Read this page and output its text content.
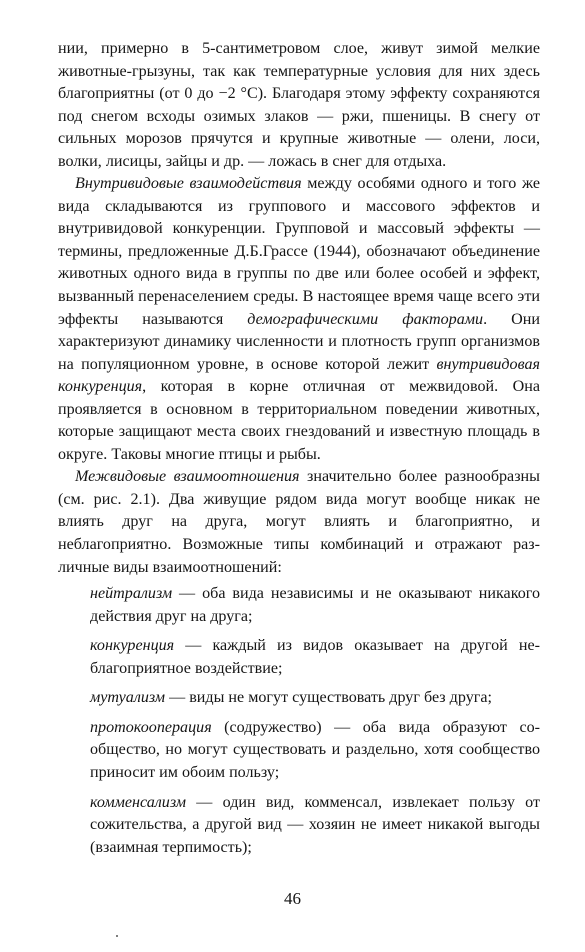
нии, примерно в 5-сантиметровом слое, живут зимой мелкие животные-грызуны, так как температурные условия для них здесь благоприятны (от 0 до −2 °С). Благодаря этому эффекту сохраняются под снегом всходы озимых злаков — ржи, пшеницы. В снегу от сильных морозов прячутся и крупные животные — олени, лоси, волки, лисицы, зайцы и др. — ложась в снег для отдыха.

Внутривидовые взаимодействия между особями одного и того же вида складываются из группового и массового эффектов и внутривидовой конкуренции. Групповой и массовый эффекты — термины, предложенные Д.Б.Грассе (1944), обозначают объединение животных одного вида в группы по две или более особей и эффект, вызванный перенаселением среды. В настоящее время чаще всего эти эффекты называются демографическими факторами. Они характеризуют динамику численности и плотность групп организмов на популяционном уровне, в основе которой лежит внутривидовая конкуренция, которая в корне отличная от межвидовой. Она проявляется в основном в территориальном поведении животных, которые защищают места своих гнездований и известную площадь в округе. Таковы многие птицы и рыбы.

Межвидовые взаимоотношения значительно более разнообразны (см. рис. 2.1). Два живущие рядом вида могут вообще никак не влиять друг на друга, могут влиять и благоприятно, и неблагоприятно. Возможные типы комбинаций и отражают различные виды взаимоотношений:

нейтрализм — оба вида независимы и не оказывают никакого действия друг на друга;

конкуренция — каждый из видов оказывает на другой неблагоприятное воздействие;

мутуализм — виды не могут существовать друг без друга;

протокооперация (содружество) — оба вида образуют сообщество, но могут существовать и раздельно, хотя сообщество приносит им обоим пользу;

комменсализм — один вид, комменсал, извлекает пользу от сожительства, а другой вид — хозяин не имеет никакой выгоды (взаимная терпимость);

46
